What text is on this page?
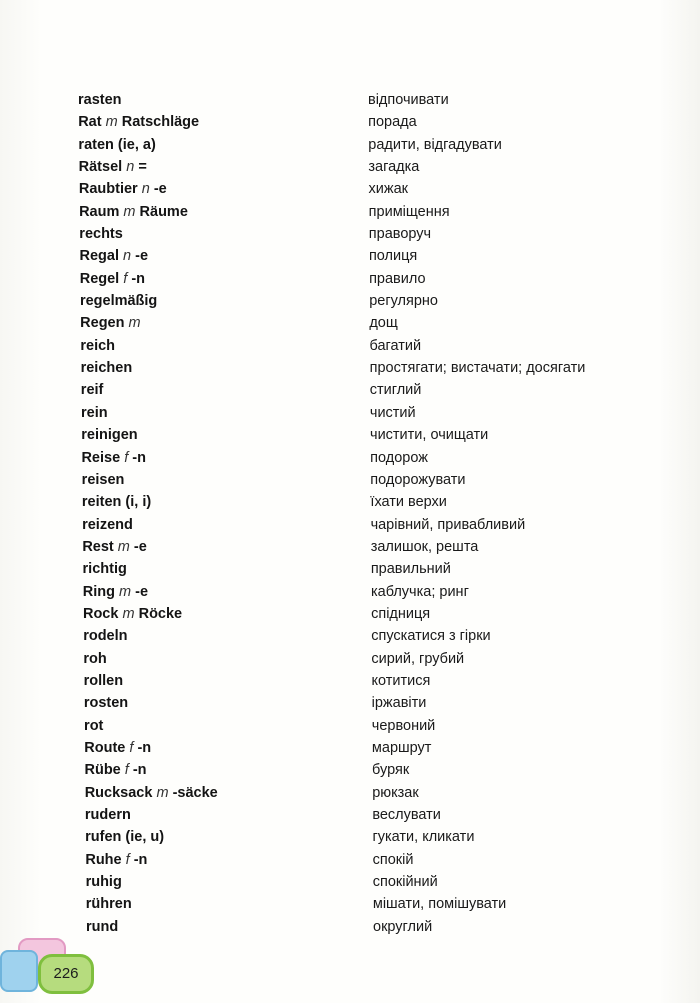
rasten	відпочивати
Rat m Ratschläge	порада
raten (ie, a)	радити, відгадувати
Rätsel n =	загадка
Raubtier n -e	хижак
Raum m Räume	приміщення
rechts	праворуч
Regal n -e	полиця
Regel f -n	правило
regelmäßig	регулярно
Regen m	дощ
reich	багатий
reichen	простягати; вистачати; досягати
reif	стиглий
rein	чистий
reinigen	чистити, очищати
Reise f -n	подорож
reisen	подорожувати
reiten (i, i)	їхати верхи
reizend	чарівний, привабливий
Rest m -e	залишок, решта
richtig	правильний
Ring m -e	каблучка; ринг
Rock m Röcke	спідниця
rodeln	спускатися з гірки
roh	сирий, грубий
rollen	котитися
rosten	іржавіти
rot	червоний
Route f -n	маршрут
Rübe f -n	буряк
Rucksack m -säcke	рюкзак
rudern	веслувати
rufen (ie, u)	гукати, кликати
Ruhe f -n	спокій
ruhig	спокійний
rühren	мішати, помішувати
rund	округлий
226
